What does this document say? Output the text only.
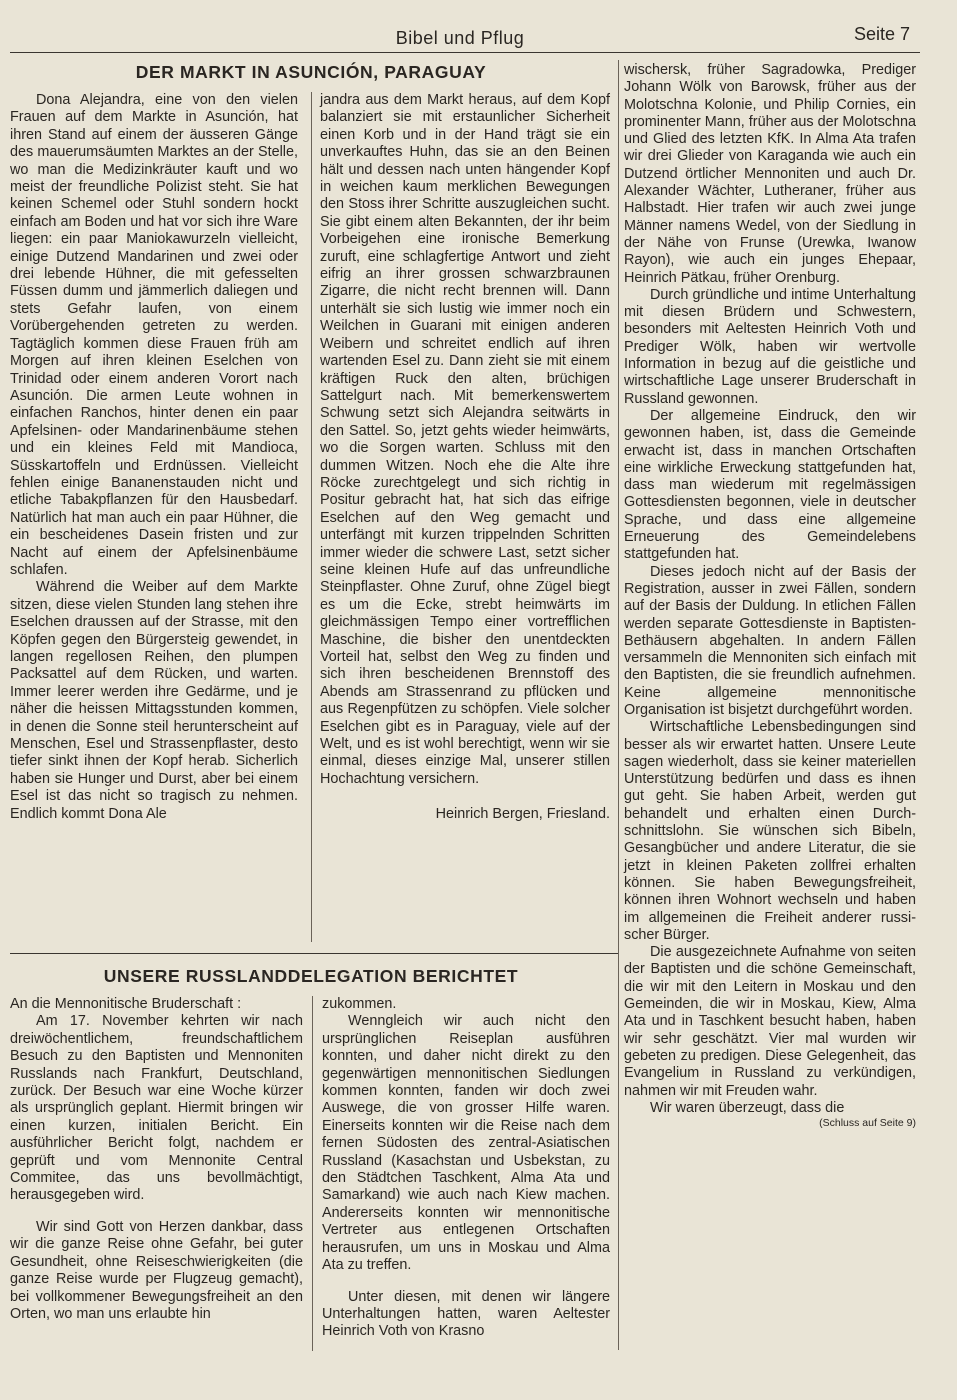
Bibel und Pflug	Seite 7
DER MARKT IN ASUNCIÓN, PARAGUAY

Dona Alejandra, eine von den vielen Frauen auf dem Markte in Asunción, hat ihren Stand auf einem der äusseren Gänge des mauerumsäumten Marktes an der Stelle, wo man die Medizinkräuter kauft und wo meist der freundliche Polizist steht. Sie hat keinen Schemel oder Stuhl sondern hockt einfach am Boden und hat vor sich ihre Ware liegen: ein paar Maniokawurzeln vielleicht, einige Dutzend Mandarinen und zwei oder drei lebende Hühner, die mit gefesselten Füssen dumm und jämmerlich daliegen und stets Gefahr laufen, von einem Vorübergehenden getreten zu werden. Tagtäglich kommen diese Frauen früh am Morgen auf ihren kleinen Eselchen von Trinidad oder einem anderen Vorort nach Asunción. Die armen Leute wohnen in einfachen Ranchos, hinter denen ein paar Apfelsinen- oder Mandarinenbäume stehen und ein kleines Feld mit Mandioca, Süsskartoffeln und Erdnüssen. Vielleicht fehlen einige Bananenstauden nicht und etliche Tabakpflanzen für den Hausbedarf. Natürlich hat man auch ein paar Hühner, die ein bescheidenes Dasein fristen und zur Nacht auf einem der Apfelsinenbäume schlafen.

Während die Weiber auf dem Markte sitzen, diese vielen Stunden lang stehen ihre Eselchen draussen auf der Strasse, mit den Köpfen gegen den Bürgersteig gewendet, in langen regellosen Reihen, den plumpen Packsattel auf dem Rücken, und warten. Immer leerer werden ihre Gedärme, und je näher die heissen Mittagsstunden kommen, in denen die Sonne steil herunterscheint auf Menschen, Esel und Strassenpflaster, desto tiefer sinkt ihnen der Kopf herab. Sicherlich haben sie Hunger und Durst, aber bei einem Esel ist das nicht so tragisch zu nehmen. Endlich kommt Dona Ale

jandra aus dem Markt heraus, auf dem Kopf balanziert sie mit erstaunlicher Sicherheit einen Korb und in der Hand trägt sie ein unverkauftes Huhn, das sie an den Beinen hält und dessen nach unten hängender Kopf in weichen kaum merklichen Bewegungen den Stoss ihrer Schritte auszugleichen sucht. Sie gibt einem alten Bekannten, der ihr beim Vorbeigehen eine ironische Bemerkung zuruft, eine schlagfertige Antwort und zieht eifrig an ihrer grossen schwarzbraunen Zigarre, die nicht recht brennen will. Dann unterhält sie sich lustig wie immer noch ein Weilchen in Guarani mit einigen anderen Weibern und schreitet endlich auf ihren wartenden Esel zu. Dann zieht sie mit einem kräftigen Ruck den alten, brüchigen Sattelgurt nach. Mit bemerkenswertem Schwung setzt sich Alejandra seitwärts in den Sattel. So, jetzt gehts wieder heimwärts, wo die Sorgen warten. Schluss mit den dummen Witzen. Noch ehe die Alte ihre Röcke zurechtgelegt und sich richtig in Positur gebracht hat, hat sich das eifrige Eselchen auf den Weg gemacht und unterfängt mit kurzen trippelnden Schritten immer wieder die schwere Last, setzt sicher seine kleinen Hufe auf das unfreundliche Steinpflaster. Ohne Zuruf, ohne Zügel biegt es um die Ecke, strebt heimwärts im gleichmässigen Tempo einer vortrefflichen Maschine, die bisher den unentdeckten Vorteil hat, selbst den Weg zu finden und sich ihren bescheidenen Brennstoff des Abends am Strassenrand zu pflücken und aus Regenpfützen zu schöpfen. Viele solcher Eselchen gibt es in Paraguay, viele auf der Welt, und es ist wohl berechtigt, wenn wir sie einmal, dieses einzige Mal, unserer stillen Hochachtung versichern.

Heinrich Bergen, Friesland.

UNSERE RUSSLANDDELEGATION BERICHTET

An die Mennonitische Bruderschaft :

Am 17. November kehrten wir nach dreiwöchentlichem, freundschaftlichem Besuch zu den Baptisten und Mennoniten Russlands nach Frankfurt, Deutschland, zurück. Der Besuch war eine Woche kürzer als ursprünglich geplant. Hiermit bringen wir einen kurzen, initialen Bericht. Ein ausführlicher Bericht folgt, nachdem er geprüft und vom Mennonite Central Commitee, das uns bevollmächtigt, herausgegeben wird.

Wir sind Gott von Herzen dankbar, dass wir die ganze Reise ohne Gefahr, bei guter Gesundheit, ohne Reiseschwierigkeiten (die ganze Reise wurde per Flugzeug gemacht), bei vollkommener Bewegungsfreiheit an den Orten, wo man uns erlaubte hin

zukommen.

Wenngleich wir auch nicht den ursprünglichen Reiseplan ausführen konnten, und daher nicht direkt zu den gegenwärtigen mennonitischen Siedlungen kommen konnten, fanden wir doch zwei Auswege, die von grosser Hilfe waren. Einerseits konnten wir die Reise nach dem fernen Südosten des zentral-Asiatischen Russland (Kasachstan und Usbekstan, zu den Städtchen Taschkent, Alma Ata und Samarkand) wie auch nach Kiew machen. Andererseits konnten wir mennonitische Vertreter aus entlegenen Ortschaften herausrufen, um uns in Moskau und Alma Ata zu treffen.

Unter diesen, mit denen wir längere Unterhaltungen hatten, waren Aeltester Heinrich Voth von Krasno

wischersk, früher Sagradowka, Prediger Johann Wölk von Barowsk, früher aus der Molotschna Kolonie, und Philip Cornies, ein prominenter Mann, früher aus der Molotschna und Glied des letzten KfK. In Alma Ata trafen wir drei Glieder von Karaganda wie auch ein Dutzend örtlicher Mennoniten und auch Dr. Alexander Wächter, Lutheraner, früher aus Halbstadt. Hier trafen wir auch zwei junge Männer namens Wedel, von der Siedlung in der Nähe von Frunse (Urewka, Iwanow Rayon), wie auch ein junges Ehepaar, Heinrich Pätkau, früher Orenburg.

Durch gründliche und intime Unterhaltung mit diesen Brüdern und Schwestern, besonders mit Aeltesten Heinrich Voth und Prediger Wölk, haben wir wertvolle Information in bezug auf die geistliche und wirtschaftliche Lage unserer Bruderschaft in Russland gewonnen.

Der allgemeine Eindruck, den wir gewonnen haben, ist, dass die Gemeinde erwacht ist, dass in manchen Ortschaften eine wirkliche Erweckung stattgefunden hat, dass man wiederum mit regelmässigen Gottesdiensten begonnen, viele in deutscher Sprache, und dass eine allgemeine Erneuerung des Gemeindelebens stattgefunden hat.

Dieses jedoch nicht auf der Basis der Registration, ausser in zwei Fällen, sondern auf der Basis der Duldung. In etlichen Fällen werden separate Gottesdienste in Baptisten-Bethäusern abgehalten. In andern Fällen versammeln die Mennoniten sich einfach mit den Baptisten, die sie freundlich aufnehmen. Keine allgemeine mennonitische Organisation ist bisjetzt durchgeführt worden.

Wirtschaftliche Lebensbedingungen sind besser als wir erwartet hatten. Unsere Leute sagen wiederholt, dass sie keiner materiellen Unterstützung bedürfen und dass es ihnen gut geht. Sie haben Arbeit, werden gut behandelt und erhalten einen Durchschnittslohn. Sie wünschen sich Bibeln, Gesangbücher und andere Literatur, die sie jetzt in kleinen Paketen zollfrei erhalten können. Sie haben Bewegungsfreiheit, können ihren Wohnort wechseln und haben im allgemeinen die Freiheit anderer russischer Bürger.

Die ausgezeichnete Aufnahme von seiten der Baptisten und die schöne Gemeinschaft, die wir mit den Leitern in Moskau und den Gemeinden, die wir in Moskau, Kiew, Alma Ata und in Taschkent besucht haben, haben wir sehr geschätzt. Vier mal wurden wir gebeten zu predigen. Diese Gelegenheit, das Evangelium in Russland zu verkündigen, nahmen wir mit Freuden wahr.

Wir waren überzeugt, dass die

(Schluss auf Seite 9)
